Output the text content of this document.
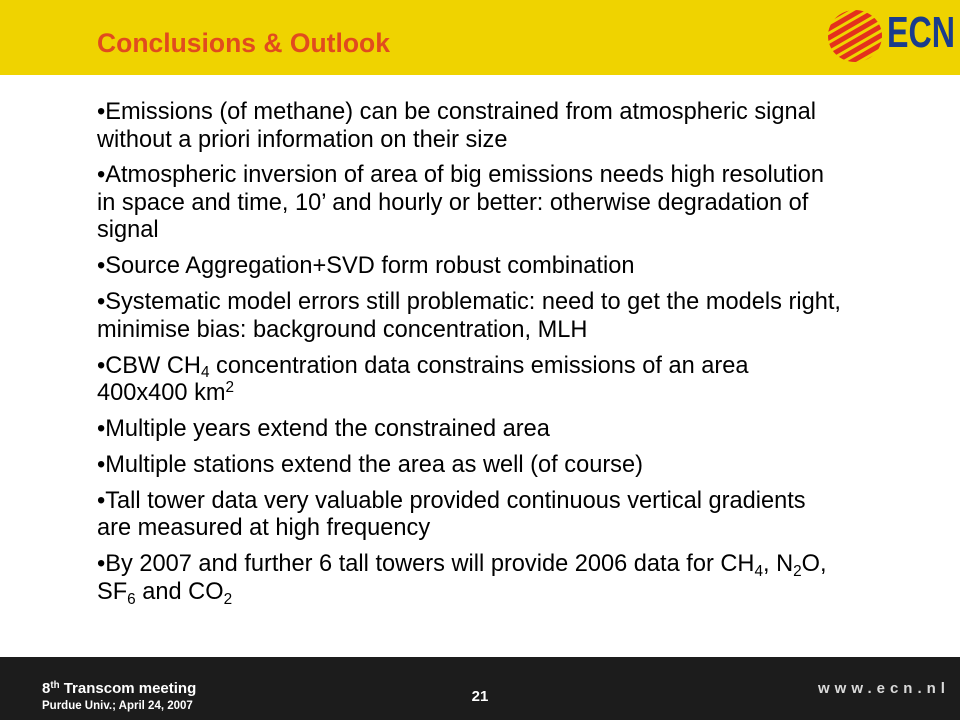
Conclusions & Outlook	ECN

• Emissions (of methane) can be constrained from atmospheric signal
without a priori information on their size

• Atmospheric inversion of area of big emissions needs high resolution
in space and time, 10’ and hourly or better: otherwise degradation of
signal

• Source Aggregation+SVD form robust combination

• Systematic model errors still problematic: need to get the models right,
minimise bias: background concentration, MLH

• CBW $CH_4$ concentration data constrains emissions of an area
400x400 $km^2$

• Multiple years extend the constrained area

• Multiple stations extend the area as well (of course)

• Tall tower data very valuable provided continuous vertical gradients
are measured at high frequency

• By 2007 and further 6 tall towers will provide 2006 data for $CH_4$, $N_2O$,
$SF_6$ and $CO_2$

8th Transcom meeting
Purdue Univ.; April 24, 2007
21	www.ecn.nl
